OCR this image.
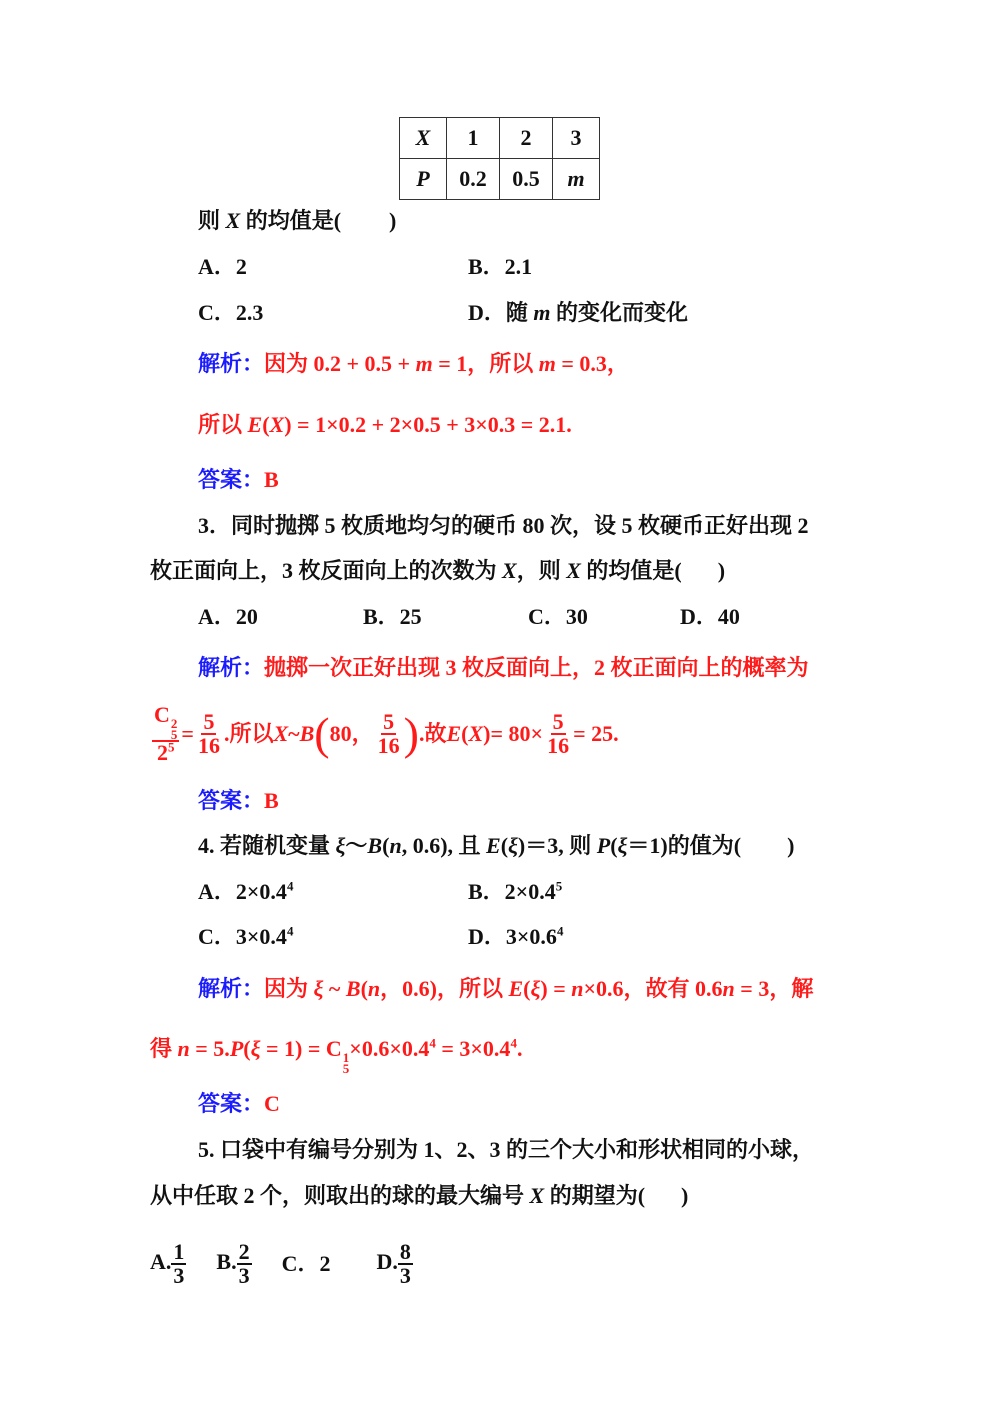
X	1	2	3
P	0.2	0.5	m
则 X 的均值是( )
A．2	B．2.1
C．2.3	D．随 m 的变化而变化
解析：因为 0.2 + 0.5 + m = 1，所以 m = 0.3，
所以 E(X) = 1×0.2 + 2×0.5 + 3×0.3 = 2.1.
答案：B
3．同时抛掷 5 枚质地均匀的硬币 80 次，设 5 枚硬币正好出现 2
枚正面向上，3 枚反面向上的次数为 X，则 X 的均值是( )
A．20	B．25	C．30	D．40
解析：抛掷一次正好出现 3 枚反面向上，2 枚正面向上的概率为
C 2
5
$2^5 = \frac{5}{16}$ .所以 X ~ B ( 80， $\frac{5}{16}$ ) .故 E ( X ) = $80\times \frac{5}{16} = 25$.
答案：B
4. 若随机变量 ξ～B(n, 0.6), 且 E(ξ)＝3, 则 P(ξ＝1)的值为( )
A．$2\times 0.4^4$	B．$2\times 0.4^5$
C．$3\times 0.4^4$	D．$3\times 0.6^4$
解析：因为 ξ ~ B(n，0.6)，所以 E(ξ) = n×0.6，故有 0.6n = 3，解
得 n = 5.P(ξ = 1) = C 1
5
$\times 0.6\times 0.4^4 = 3\times 0.4^4$.
答案：C
5. 口袋中有编号分别为 1、2、3 的三个大小和形状相同的小球，
从中任取 2 个，则取出的球的最大编号 X 的期望为( )
A. $\frac{1}{3} B$. $\frac{2}{3}$ C．2 D. $\frac{8}{3}$
